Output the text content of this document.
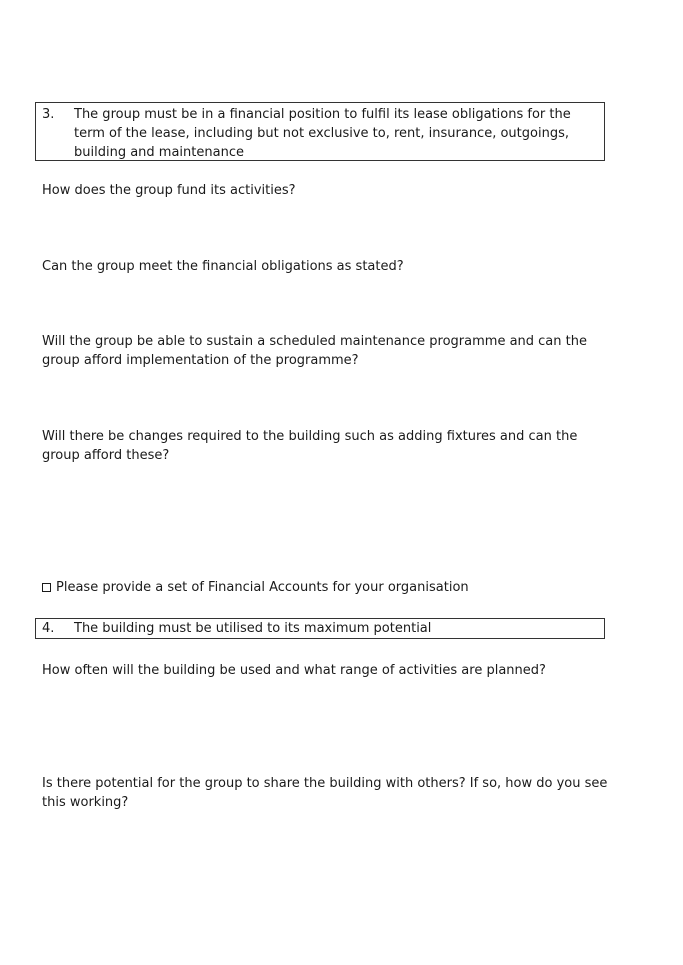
3. The group must be in a financial position to fulfil its lease obligations for the term of the lease, including but not exclusive to, rent, insurance, outgoings, building and maintenance
How does the group fund its activities?
Can the group meet the financial obligations as stated?
Will the group be able to sustain a scheduled maintenance programme and can the group afford implementation of the programme?
Will there be changes required to the building such as adding fixtures and can the group afford these?
Please provide a set of Financial Accounts for your organisation
4. The building must be utilised to its maximum potential
How often will the building be used and what range of activities are planned?
Is there potential for the group to share the building with others? If so, how do you see this working?
